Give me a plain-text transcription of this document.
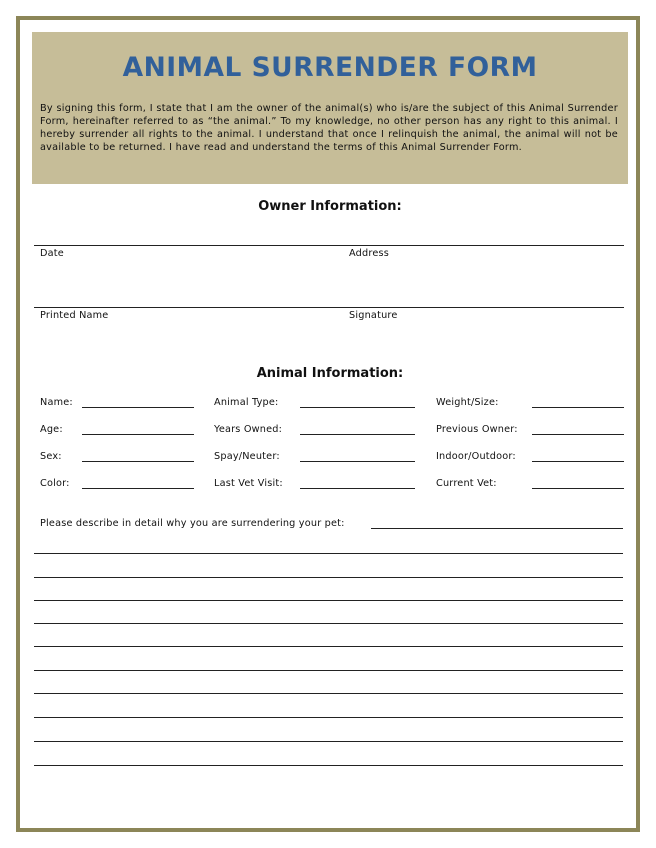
ANIMAL SURRENDER FORM
By signing this form, I state that I am the owner of the animal(s) who is/are the subject of this Animal Surrender Form, hereinafter referred to as “the animal.” To my knowledge, no other person has any right to this animal. I hereby surrender all rights to the animal. I understand that once I relinquish the animal, the animal will not be available to be returned. I have read and understand the terms of this Animal Surrender Form.
Owner Information:
Date	Address
Printed Name	Signature
Animal Information:
Name:	Animal Type:	Weight/Size:
Age:	Years Owned:	Previous Owner:
Sex:	Spay/Neuter:	Indoor/Outdoor:
Color:	Last Vet Visit:	Current Vet:
Please describe in detail why you are surrendering your pet:
